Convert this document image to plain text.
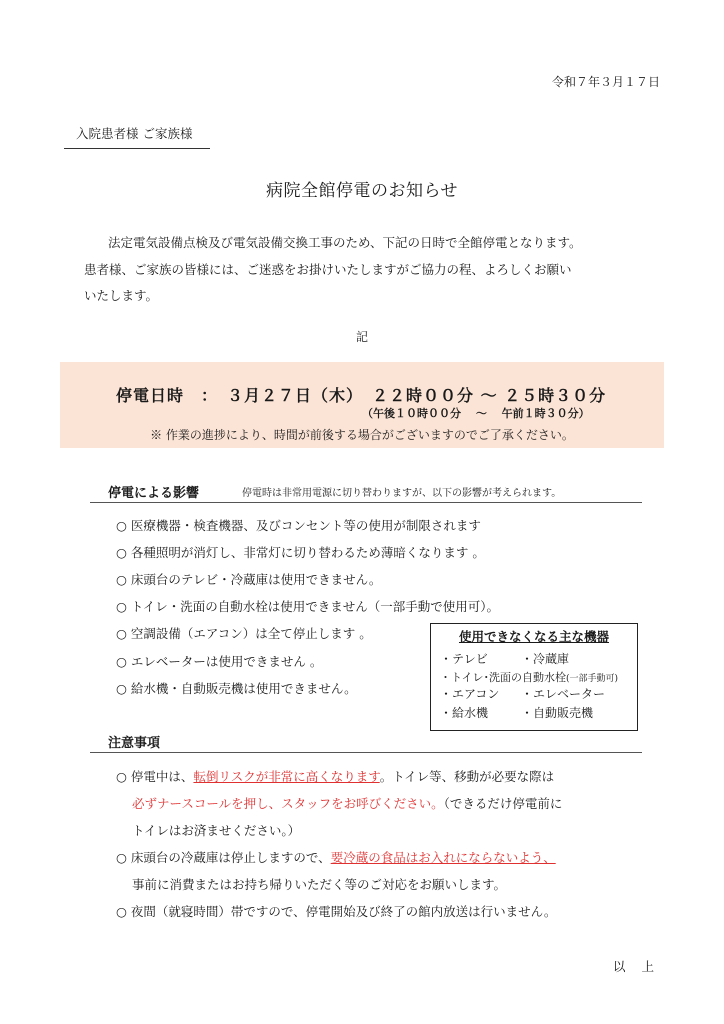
令和７年３月１７日
入院患者様 ご家族様
病院全館停電のお知らせ

法定電気設備点検及び電気設備交換工事のため、下記の日時で全館停電となります。

患者様、ご家族の皆様には、ご迷惑をお掛けいたしますがご協力の程、よろしくお願い

いたします。

記
停電日時　：　３月２７日（木）　２２時００分 〜 ２５時３０分
（午後１０時００分　 〜　 午前１時３０分）
※ 作業の進捗により、時間が前後する場合がございますのでご了承ください。
停電による影響	停電時は非常用電源に切り替わりますが、以下の影響が考えられます。
○ 医療機器・検査機器、及びコンセント等の使用が制限されます
○ 各種照明が消灯し、非常灯に切り替わるため薄暗くなります 。
○ 床頭台のテレビ・冷蔵庫は使用できません。
○ トイレ・洗面の自動水栓は使用できません（一部手動で使用可）。
○ 空調設備（エアコン）は全て停止します 。
○ エレベーターは使用できません 。
○ 給水機・自動販売機は使用できません。
使用できなくなる主な機器
・テレビ	・冷蔵庫
・トイレ･洗面の自動水栓(一部手動可)
・エアコン ・エレベーター
・給水機	・自動販売機
注意事項
○ 停電中は、転倒リスクが非常に高くなります。トイレ等、移動が必要な際は
必ずナースコールを押し、スタッフをお呼びください。（できるだけ停電前に
トイレはお済ませください。）
○ 床頭台の冷蔵庫は停止しますので、要冷蔵の食品はお入れにならないよう、
事前に消費またはお持ち帰りいただく等のご対応をお願いします。
○ 夜間（就寝時間）帯ですので、停電開始及び終了の館内放送は行いません。
以 上
